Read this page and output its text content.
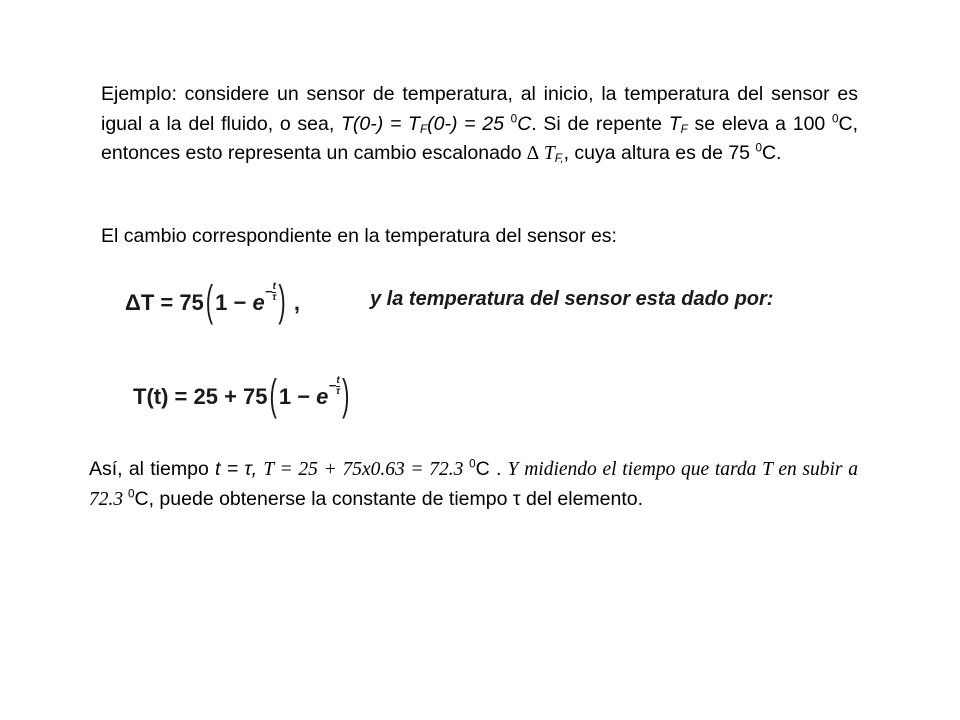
Ejemplo: considere un sensor de temperatura, al inicio, la temperatura del sensor es igual a la del fluido, o sea, $T(0-) = T_F(0-) = 25$ $^0$C. Si de repente $T_F$ se eleva a 100 $^0$C, entonces esto representa un cambio escalonado ∆ $T_{F,}$, cuya altura es de 75 $^0$C.
El cambio correspondiente en la temperatura del sensor es:
$\Delta T = 75(1 - e-\frac{t}{\tau}$ ) ,	y la temperatura del sensor esta dado por:
$T(t) = 25 + 75(1 - e-\frac{t}{\tau}$ )
Así, al tiempo t = τ, T = 25 + 75x0.63 = 72.3 $^0$C . Y midiendo el tiempo que tarda T en subir a 72.3 $^0$C, puede obtenerse la constante de tiempo τ del elemento.
